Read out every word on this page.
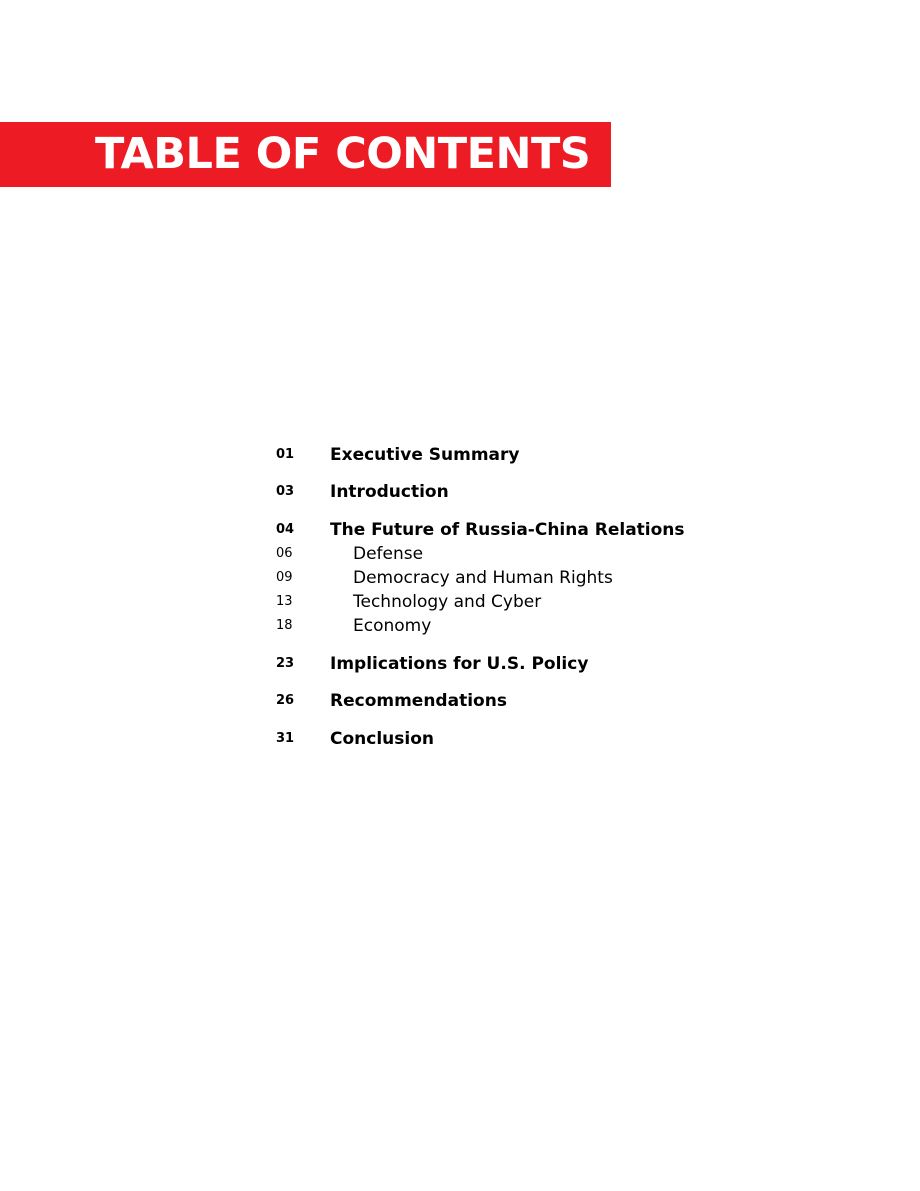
TABLE OF CONTENTS
01	Executive Summary
03	Introduction
04	The Future of Russia-China Relations
06	Defense
09	Democracy and Human Rights
13	Technology and Cyber
18	Economy
23	Implications for U.S. Policy
26	Recommendations
31	Conclusion
